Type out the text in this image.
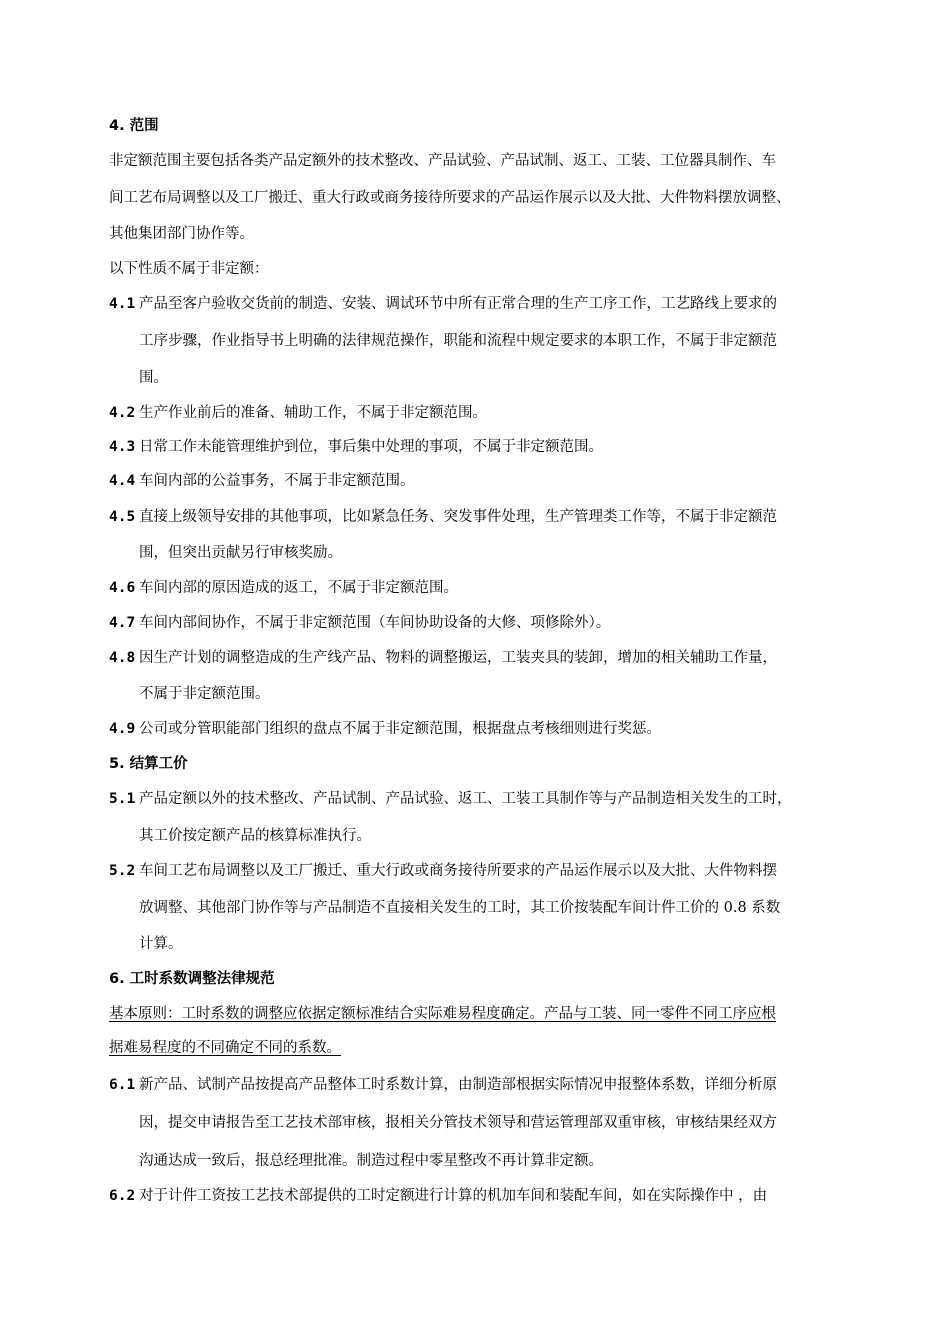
4. 范围
非定额范围主要包括各类产品定额外的技术整改、产品试验、产品试制、返工、工装、工位器具制作、车
间工艺布局调整以及工厂搬迁、重大行政或商务接待所要求的产品运作展示以及大批、大件物料摆放调整、
其他集团部门协作等。
以下性质不属于非定额：
4.1 产品至客户验收交货前的制造、安装、调试环节中所有正常合理的生产工序工作，工艺路线上要求的
工序步骤，作业指导书上明确的法律规范操作，职能和流程中规定要求的本职工作，不属于非定额范
围。
4.2 生产作业前后的准备、辅助工作，不属于非定额范围。
4.3 日常工作未能管理维护到位，事后集中处理的事项，不属于非定额范围。
4.4 车间内部的公益事务，不属于非定额范围。
4.5 直接上级领导安排的其他事项，比如紧急任务、突发事件处理，生产管理类工作等，不属于非定额范
围，但突出贡献另行审核奖励。
4.6 车间内部的原因造成的返工，不属于非定额范围。
4.7 车间内部间协作，不属于非定额范围（车间协助设备的大修、项修除外）。
4.8 因生产计划的调整造成的生产线产品、物料的调整搬运，工装夹具的装卸，增加的相关辅助工作量，
不属于非定额范围。
4.9 公司或分管职能部门组织的盘点不属于非定额范围，根据盘点考核细则进行奖惩。
5. 结算工价
5.1 产品定额以外的技术整改、产品试制、产品试验、返工、工装工具制作等与产品制造相关发生的工时，
其工价按定额产品的核算标准执行。
5.2 车间工艺布局调整以及工厂搬迁、重大行政或商务接待所要求的产品运作展示以及大批、大件物料摆
放调整、其他部门协作等与产品制造不直接相关发生的工时，其工价按装配车间计件工价的 0.8 系数
计算。
6. 工时系数调整法律规范
基本原则：工时系数的调整应依据定额标准结合实际难易程度确定。产品与工装、同一零件不同工序应根
据难易程度的不同确定不同的系数。
6.1 新产品、试制产品按提高产品整体工时系数计算，由制造部根据实际情况申报整体系数，详细分析原
因，提交申请报告至工艺技术部审核，报相关分管技术领导和营运管理部双重审核，审核结果经双方
沟通达成一致后，报总经理批准。制造过程中零星整改不再计算非定额。
6.2 对于计件工资按工艺技术部提供的工时定额进行计算的机加车间和装配车间，如在实际操作中 ，由
